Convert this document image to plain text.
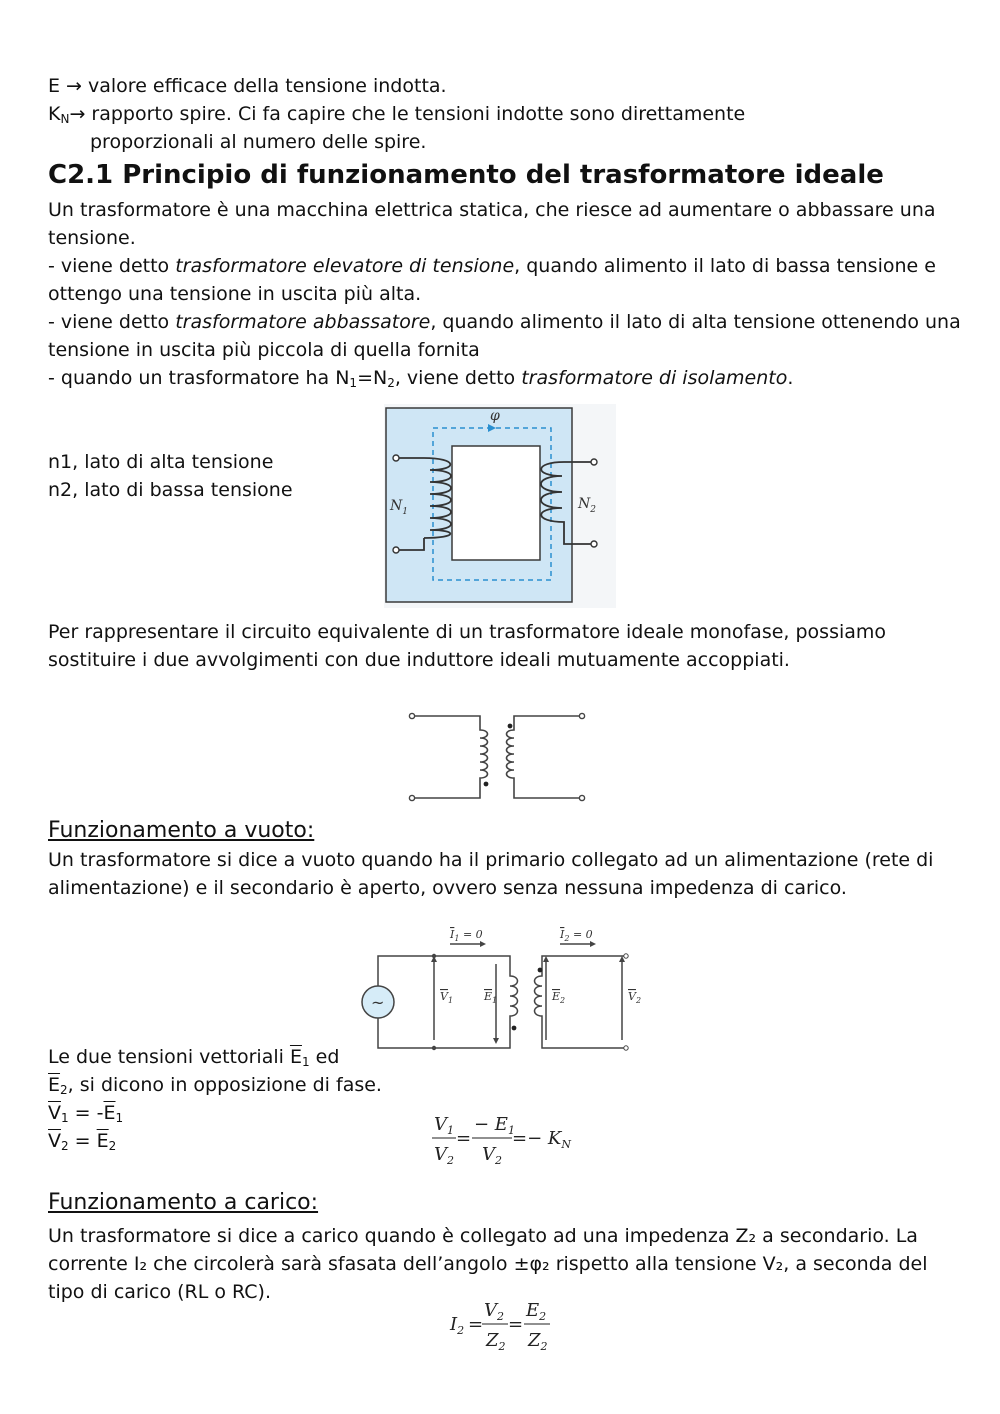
E → valore efficace della tensione indotta.
$K_N\to$ rapporto spire. Ci fa capire che le tensioni indotte sono direttamente
proporzionali al numero delle spire.
C2.1 Principio di funzionamento del trasformatore ideale
Un trasformatore è una macchina elettrica statica, che riesce ad aumentare o abbassare una
tensione.
- viene detto trasformatore elevatore di tensione, quando alimento il lato di bassa tensione e
ottengo una tensione in uscita più alta.
- viene detto trasformatore abbassatore, quando alimento il lato di alta tensione ottenendo una
tensione in uscita più piccola di quella fornita
- quando un trasformatore ha $N_1=N_2$, viene detto trasformatore di isolamento.
n1, lato di alta tensione
n2, lato di bassa tensione
Per rappresentare il circuito equivalente di un trasformatore ideale monofase, possiamo
sostituire i due avvolgimenti con due induttore ideali mutuamente accoppiati.
Funzionamento a vuoto:
Un trasformatore si dice a vuoto quando ha il primario collegato ad un alimentazione (rete di
alimentazione) e il secondario è aperto, ovvero senza nessuna impedenza di carico.
Le due tensioni vettoriali $\overline{E}_1$ ed
$\overline{E}_2$, si dicono in opposizione di fase.
$\overline{V}_1 = -\overline{E}_1$
$\overline{V}_2 = \overline{E}_2$
Funzionamento a carico:
Un trasformatore si dice a carico quando è collegato ad una impedenza Z₂ a secondario. La
corrente I₂ che circolerà sarà sfasata dell’angolo ±φ₂ rispetto alla tensione V₂, a seconda del
tipo di carico (RL o RC).
φ
$N_1$	$N_2$
~
$I_1 = 0$	$I_2 = 0$
$V_1$	$E_1$	$E_2$	$V_2$
$V_1$
$V_2$
=
− $E_1$
$V_2$
=− $K_N$
$I_2$ =
$V_2$
$Z_2$
=
$E_2$
$Z_2$
